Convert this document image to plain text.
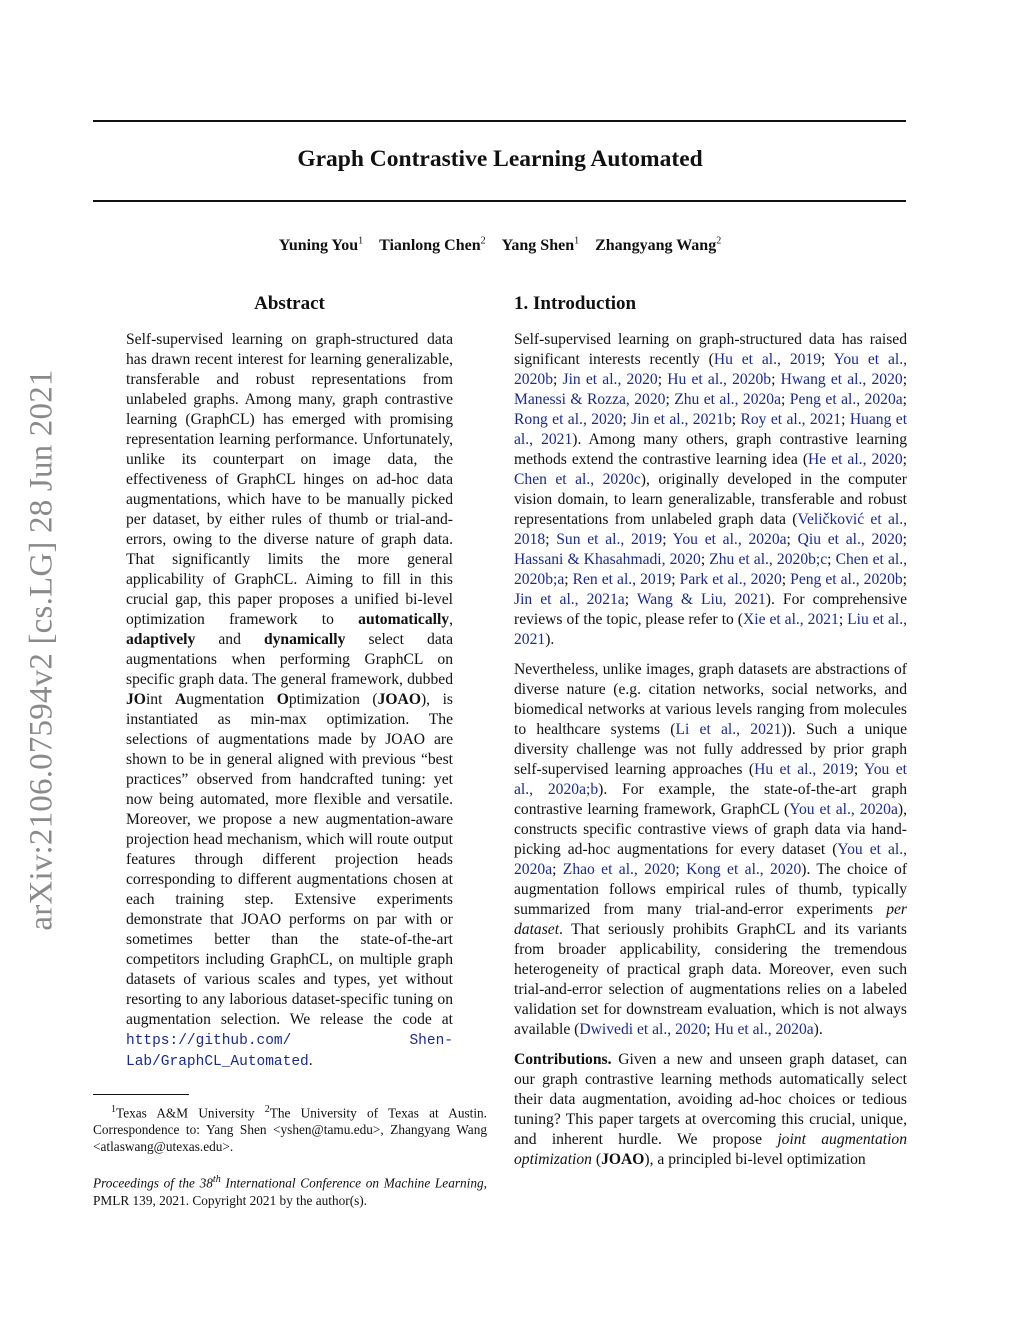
Graph Contrastive Learning Automated
Yuning You$^1$ Tianlong Chen$^2$ Yang Shen$^1$ Zhangyang Wang$^2$
arXiv:2106.07594v2 [cs.LG] 28 Jun 2021
Abstract

Self-supervised learning on graph-structured data has drawn recent interest for learning generalizable, transferable and robust representations from unlabeled graphs. Among many, graph contrastive learning (GraphCL) has emerged with promising representation learning performance. Unfortunately, unlike its counterpart on image data, the effectiveness of GraphCL hinges on ad-hoc data augmentations, which have to be manually picked per dataset, by either rules of thumb or trial-and-errors, owing to the diverse nature of graph data. That significantly limits the more general applicability of GraphCL. Aiming to fill in this crucial gap, this paper proposes a unified bi-level optimization framework to automatically, adaptively and dynamically select data augmentations when performing GraphCL on specific graph data. The general framework, dubbed JOint Augmentation Optimization (JOAO), is instantiated as min-max optimization. The selections of augmentations made by JOAO are shown to be in general aligned with previous “best practices” observed from handcrafted tuning: yet now being automated, more flexible and versatile. Moreover, we propose a new augmentation-aware projection head mechanism, which will route output features through different projection heads corresponding to different augmentations chosen at each training step. Extensive experiments demonstrate that JOAO performs on par with or sometimes better than the state-of-the-art competitors including GraphCL, on multiple graph datasets of various scales and types, yet without resorting to any laborious dataset-specific tuning on augmentation selection. We release the code at https://github.com/ Shen-Lab/GraphCL_Automated.

$^1$Texas A&M University $^2$The University of Texas at Austin. Correspondence to: Yang Shen <yshen@tamu.edu>, Zhangyang Wang <atlaswang@utexas.edu>.
Proceedings of the 38th International Conference on Machine Learning, PMLR 139, 2021. Copyright 2021 by the author(s).
1. Introduction

Self-supervised learning on graph-structured data has raised significant interests recently (Hu et al., 2019; You et al., 2020b; Jin et al., 2020; Hu et al., 2020b; Hwang et al., 2020; Manessi & Rozza, 2020; Zhu et al., 2020a; Peng et al., 2020a; Rong et al., 2020; Jin et al., 2021b; Roy et al., 2021; Huang et al., 2021). Among many others, graph contrastive learning methods extend the contrastive learning idea (He et al., 2020; Chen et al., 2020c), originally developed in the computer vision domain, to learn generalizable, transferable and robust representations from unlabeled graph data (Veličković et al., 2018; Sun et al., 2019; You et al., 2020a; Qiu et al., 2020; Hassani & Khasahmadi, 2020; Zhu et al., 2020b;c; Chen et al., 2020b;a; Ren et al., 2019; Park et al., 2020; Peng et al., 2020b; Jin et al., 2021a; Wang & Liu, 2021). For comprehensive reviews of the topic, please refer to (Xie et al., 2021; Liu et al., 2021).

Nevertheless, unlike images, graph datasets are abstractions of diverse nature (e.g. citation networks, social networks, and biomedical networks at various levels ranging from molecules to healthcare systems (Li et al., 2021)). Such a unique diversity challenge was not fully addressed by prior graph self-supervised learning approaches (Hu et al., 2019; You et al., 2020a;b). For example, the state-of-the-art graph contrastive learning framework, GraphCL (You et al., 2020a), constructs specific contrastive views of graph data via hand-picking ad-hoc augmentations for every dataset (You et al., 2020a; Zhao et al., 2020; Kong et al., 2020). The choice of augmentation follows empirical rules of thumb, typically summarized from many trial-and-error experiments per dataset. That seriously prohibits GraphCL and its variants from broader applicability, considering the tremendous heterogeneity of practical graph data. Moreover, even such trial-and-error selection of augmentations relies on a labeled validation set for downstream evaluation, which is not always available (Dwivedi et al., 2020; Hu et al., 2020a).

Contributions. Given a new and unseen graph dataset, can our graph contrastive learning methods automatically select their data augmentation, avoiding ad-hoc choices or tedious tuning? This paper targets at overcoming this crucial, unique, and inherent hurdle. We propose joint augmentation optimization (JOAO), a principled bi-level optimization
